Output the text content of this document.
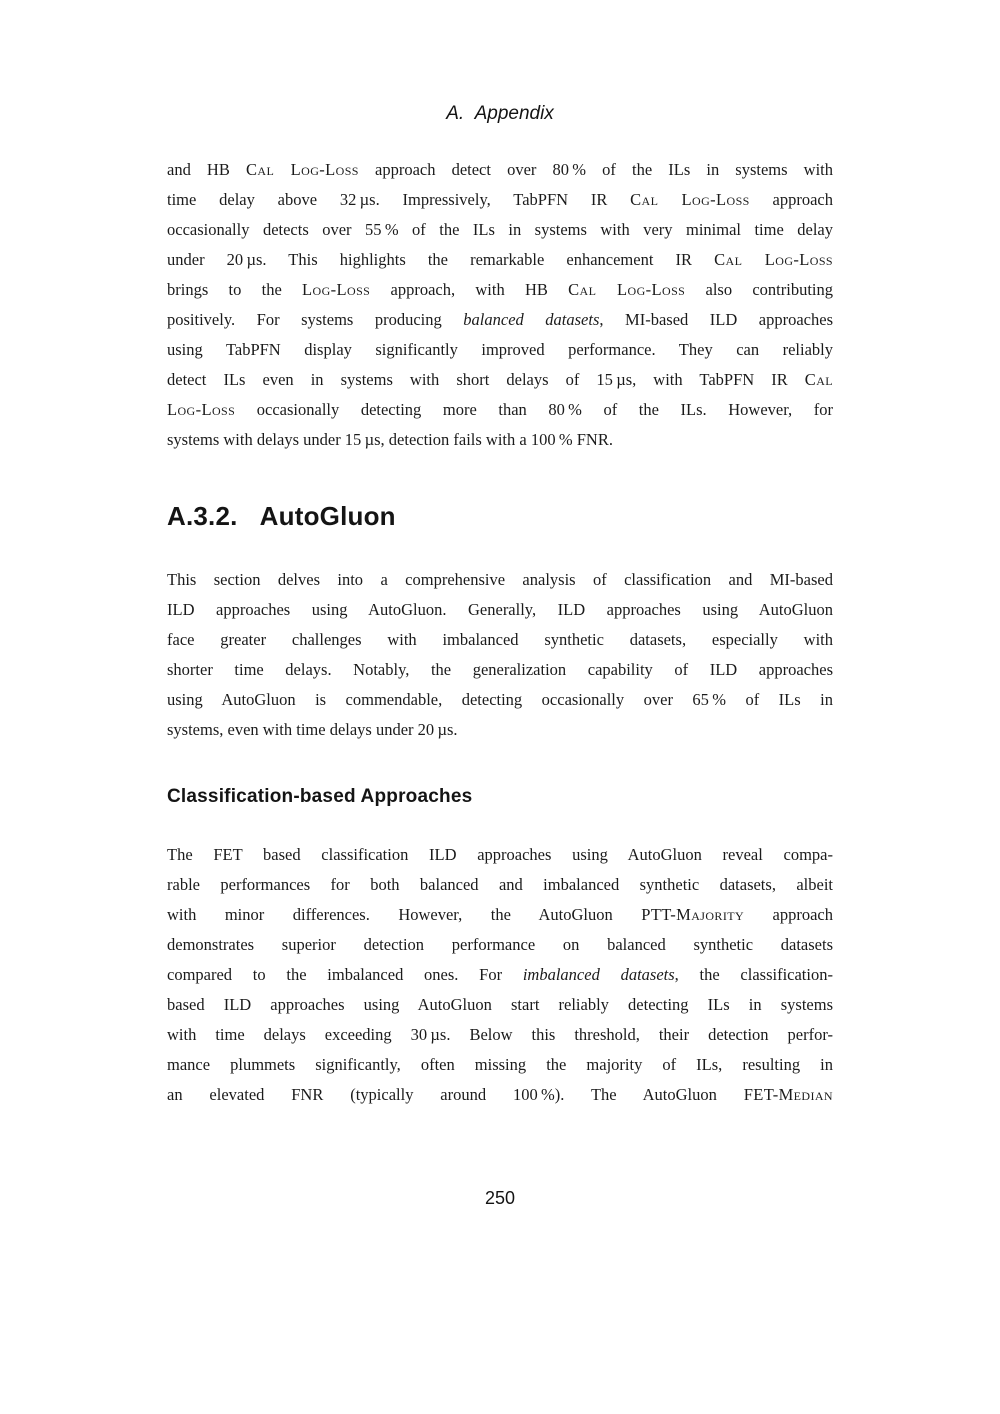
A. Appendix
and HB Cal Log-Loss approach detect over 80 % of the ILs in systems with
time delay above 32 µs. Impressively, TabPFN IR Cal Log-Loss approach
occasionally detects over 55 % of the ILs in systems with very minimal time delay
under 20 µs. This highlights the remarkable enhancement IR Cal Log-Loss
brings to the Log-Loss approach, with HB Cal Log-Loss also contributing
positively. For systems producing balanced datasets, MI-based ILD approaches
using TabPFN display significantly improved performance. They can reliably
detect ILs even in systems with short delays of 15 µs, with TabPFN IR Cal
Log-Loss occasionally detecting more than 80 % of the ILs. However, for
systems with delays under 15 µs, detection fails with a 100 % FNR.
A.3.2. AutoGluon
This section delves into a comprehensive analysis of classification and MI-based
ILD approaches using AutoGluon. Generally, ILD approaches using AutoGluon
face greater challenges with imbalanced synthetic datasets, especially with
shorter time delays. Notably, the generalization capability of ILD approaches
using AutoGluon is commendable, detecting occasionally over 65 % of ILs in
systems, even with time delays under 20 µs.
Classification-based Approaches
The FET based classification ILD approaches using AutoGluon reveal compa-
rable performances for both balanced and imbalanced synthetic datasets, albeit
with minor differences. However, the AutoGluon PTT-Majority approach
demonstrates superior detection performance on balanced synthetic datasets
compared to the imbalanced ones. For imbalanced datasets, the classification-
based ILD approaches using AutoGluon start reliably detecting ILs in systems
with time delays exceeding 30 µs. Below this threshold, their detection perfor-
mance plummets significantly, often missing the majority of ILs, resulting in
an elevated FNR (typically around 100 %). The AutoGluon FET-Median
250
